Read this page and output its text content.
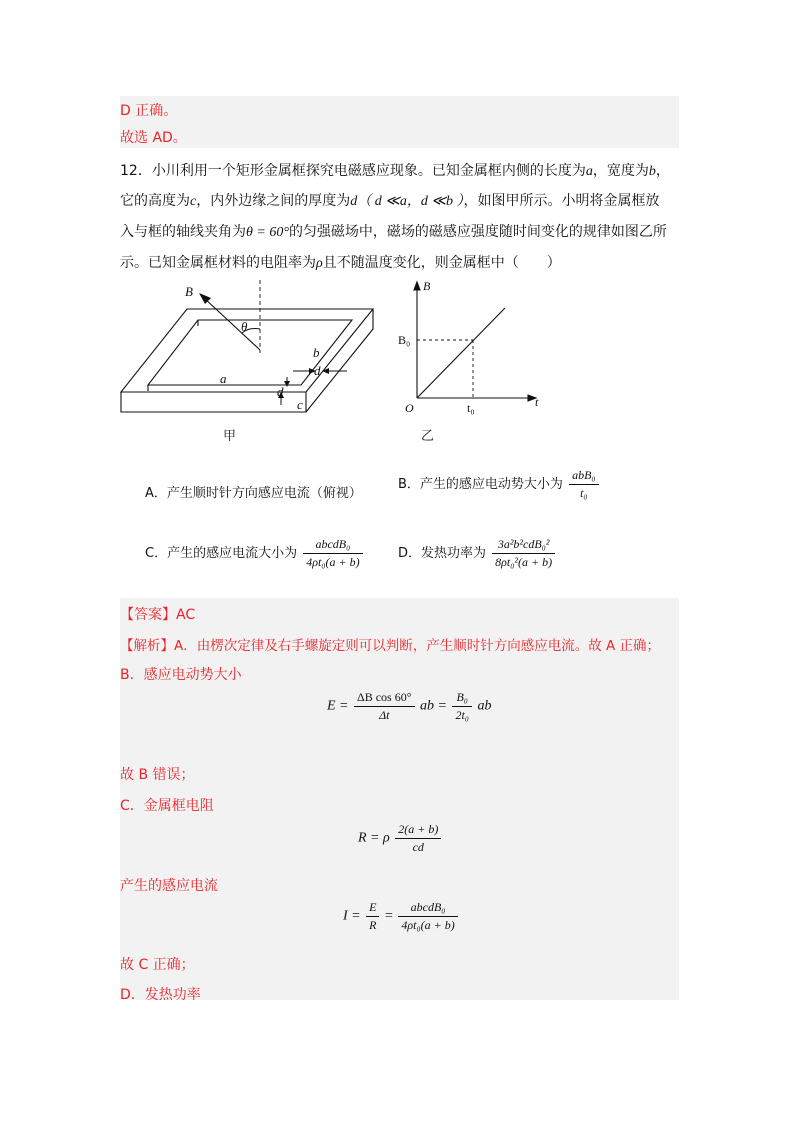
D 正确。
故选 AD。
12．小川利用一个矩形金属框探究电磁感应现象。已知金属框内侧的长度为a，宽度为b，
它的高度为c，内外边缘之间的厚度为d（ d ≪a，d ≪b ），如图甲所示。小明将金属框放
入与框的轴线夹角为θ = 60°的匀强磁场中，磁场的磁感应强度随时间变化的规律如图乙所
示。已知金属框材料的电阻率为ρ且不随温度变化，则金属框中（　　）
B
θ
a
b
d
d
c
甲
B
B₀
O	t₀	t
乙
A．产生顺时针方向感应电流（俯视）
B．产生的感应电动势大小为 $\frac{\text{abB₀}}{\text{t₀}}$
C．产生的感应电流大小为 $\frac{\text{abcdB₀}}{\text{4ρt₀(a + b)}}$	D．发热功率为 $\frac{\text{3a²b²cdB₀²}}{\text{8ρt₀²(a + b)}}$
【答案】AC
【解析】A．由楞次定律及右手螺旋定则可以判断，产生顺时针方向感应电流。故 A 正确；
B．感应电动势大小
$E = \frac{\text{ΔB cos 60°}}{\Delta t}$ ab = $\frac{\text{B₀}}{\text{2t₀}}$ ab
故 B 错误；
C．金属框电阻
R = ρ $\frac{2(a + b)}{cd}$
产生的感应电流
$I = \frac{E}{R} = \frac{\text{abcdB₀}}{\text{4ρt₀(a + b)}}$
故 C 正确；
D．发热功率
